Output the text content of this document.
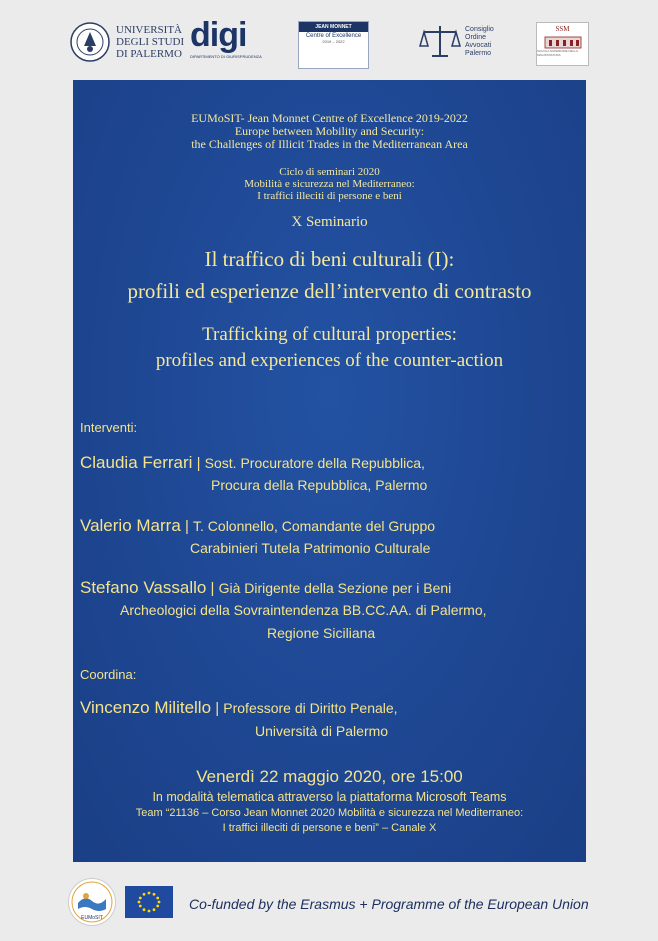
UNIVERSITÀ
DEGLI STUDI
DI PALERMO digi
DIPARTIMENTO DI GIURISPRUDENZA
JEAN MONNET
Centre of Excellence
2019 – 2022
Consiglio
Ordine
Avvocati
Palermo
SSM
SCUOLA SUPERIORE DELLA MAGISTRATURA
EUMoSIT- Jean Monnet Centre of Excellence 2019-2022
Europe between Mobility and Security:
the Challenges of Illicit Trades in the Mediterranean Area
Ciclo di seminari 2020
Mobilità e sicurezza nel Mediterraneo:
I traffici illeciti di persone e beni
X Seminario
Il traffico di beni culturali (I):
profili ed esperienze dell’intervento di contrasto
Trafficking of cultural properties:
profiles and experiences of the counter-action
Interventi:
Claudia Ferrari | Sost. Procuratore della Repubblica,
Procura della Repubblica, Palermo
Valerio Marra | T. Colonnello, Comandante del Gruppo
Carabinieri Tutela Patrimonio Culturale
Stefano Vassallo | Già Dirigente della Sezione per i Beni
Archeologici della Sovraintendenza BB.CC.AA. di Palermo,
Regione Siciliana
Coordina:
Vincenzo Militello | Professore di Diritto Penale,
Università di Palermo
Venerdì 22 maggio 2020, ore 15:00
In modalità telematica attraverso la piattaforma Microsoft Teams
Team “21136 – Corso Jean Monnet 2020 Mobilità e sicurezza nel Mediterraneo:
I traffici illeciti di persone e beni” – Canale X
EUMoSIT
Co-funded by the Erasmus + Programme of the European Union
